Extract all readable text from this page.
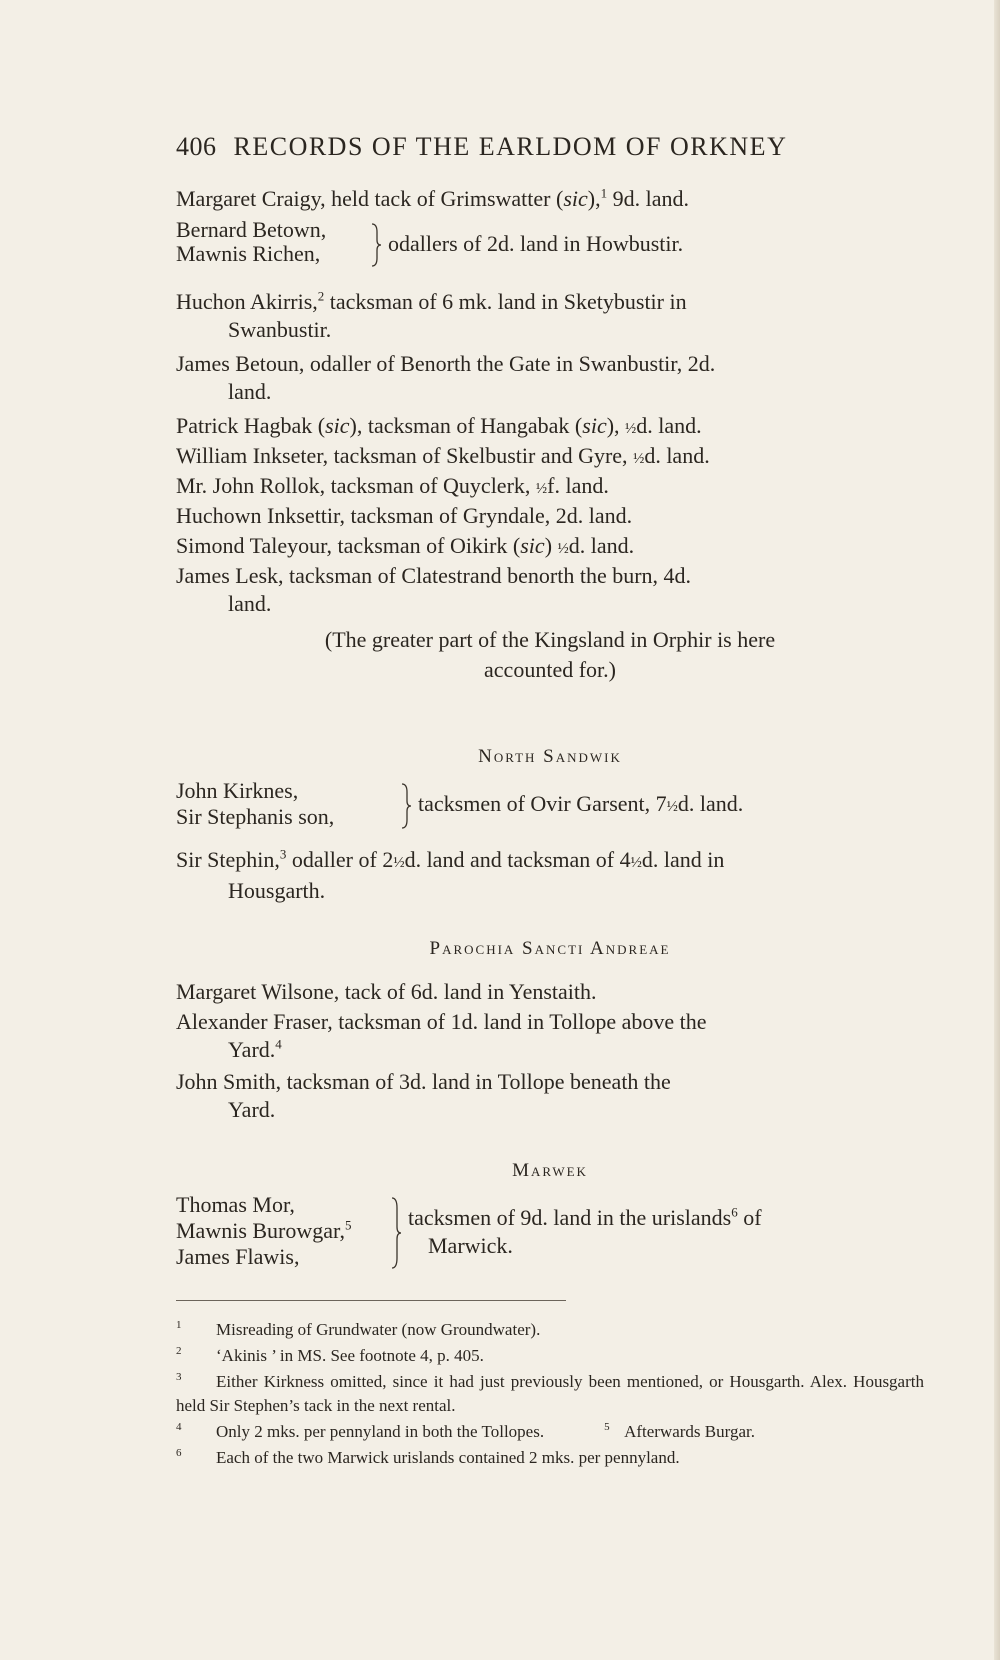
406 RECORDS OF THE EARLDOM OF ORKNEY
Margaret Craigy, held tack of Grimswatter (sic),$^1$ 9d. land.
Bernard Betown,
Mawnis Richen,	odallers of 2d. land in Howbustir.
Huchon Akirris,$^2$ tacksman of 6 mk. land in Sketybustir in
Swanbustir.
James Betoun, odaller of Benorth the Gate in Swanbustir, 2d.
land.
Patrick Hagbak (sic), tacksman of Hangabak (sic), ½d. land.
William Inkseter, tacksman of Skelbustir and Gyre, ½d. land.
Mr. John Rollok, tacksman of Quyclerk, ½f. land.
Huchown Inksettir, tacksman of Gryndale, 2d. land.
Simond Taleyour, tacksman of Oikirk (sic) ½d. land.
James Lesk, tacksman of Clatestrand benorth the burn, 4d.
land.
(The greater part of the Kingsland in Orphir is here
accounted for.)
North Sandwik
John Kirknes,
Sir Stephanis son,
tacksmen of Ovir Garsent, 7½d. land.
Sir Stephin,$^3$ odaller of 2½d. land and tacksman of 4½d. land in
Housgarth.
Parochia Sancti Andreae
Margaret Wilsone, tack of 6d. land in Yenstaith.
Alexander Fraser, tacksman of 1d. land in Tollope above the
Yard.$^4$
John Smith, tacksman of 3d. land in Tollope beneath the
Yard.
Marwek
Thomas Mor,
Mawnis Burowgar,$^5$
James Flawis,
tacksmen of 9d. land in the urislands$^6$ of
Marwick.
1 Misreading of Grundwater (now Groundwater).
2 ‘Akinis ’ in MS. See footnote 4, p. 405.
3 Either Kirkness omitted, since it had just previously been mentioned, or Housgarth. Alex. Housgarth held Sir Stephen’s tack in the next rental.
4 Only 2 mks. per pennyland in both the Tollopes.	5 Afterwards Burgar.
6 Each of the two Marwick urislands contained 2 mks. per pennyland.
